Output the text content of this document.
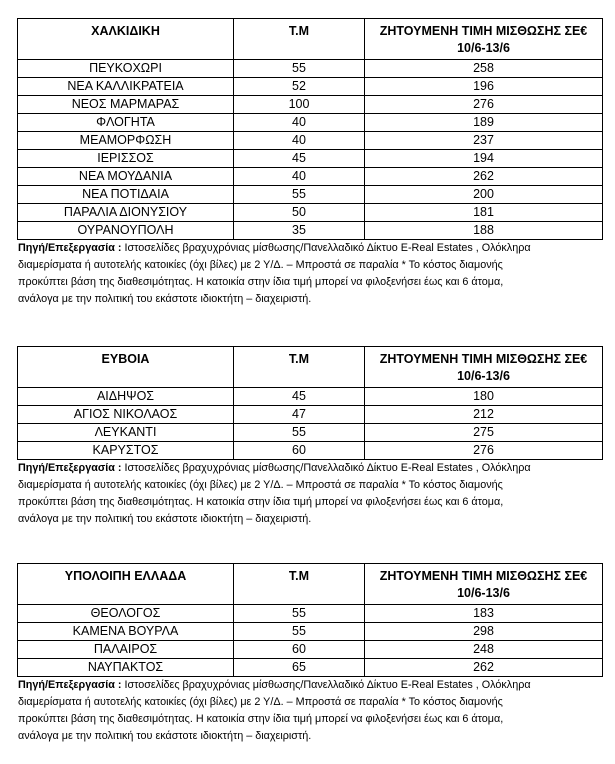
ΧΑΛΚΙΔΙΚΗ	Τ.Μ	ΖΗΤΟΥΜΕΝΗ ΤΙΜΗ ΜΙΣΘΩΣΗΣ ΣΕ€
10/6-13/6
ΠΕΥΚΟΧΩΡΙ	55	258
ΝΕΑ ΚΑΛΛΙΚΡΑΤΕΙΑ	52	196
ΝΕΟΣ ΜΑΡΜΑΡΑΣ	100	276
ΦΛΟΓΗΤΑ	40	189
ΜΕΑΜΟΡΦΩΣΗ	40	237
ΙΕΡΙΣΣΟΣ	45	194
ΝΕΑ ΜΟΥΔΑΝΙΑ	40	262
ΝΕΑ ΠΟΤΙΔΑΙΑ	55	200
ΠΑΡΑΛΙΑ ΔΙΟΝΥΣΙΟΥ	50	181
ΟΥΡΑΝΟΥΠΟΛΗ	35	188
Πηγή/Επεξεργασία : Ιστοσελίδες βραχυχρόνιας μίσθωσης/Πανελλαδικό Δίκτυο E-Real Estates , Ολόκληρα
διαμερίσματα ή αυτοτελής κατοικίες (όχι βίλες) με 2 Υ/Δ. – Μπροστά σε παραλία * Το κόστος διαμονής
προκύπτει βάση της διαθεσιμότητας. Η κατοικία στην ίδια τιμή μπορεί να φιλοξενήσει έως και 6 άτομα,
ανάλογα με την πολιτική του εκάστοτε ιδιοκτήτη – διαχειριστή.
ΕΥΒΟΙΑ	Τ.Μ	ΖΗΤΟΥΜΕΝΗ ΤΙΜΗ ΜΙΣΘΩΣΗΣ ΣΕ€
10/6-13/6
ΑΙΔΗΨΟΣ	45	180
ΑΓΙΟΣ ΝΙΚΟΛΑΟΣ	47	212
ΛΕΥΚΑΝΤΙ	55	275
ΚΑΡΥΣΤΟΣ	60	276
Πηγή/Επεξεργασία : Ιστοσελίδες βραχυχρόνιας μίσθωσης/Πανελλαδικό Δίκτυο E-Real Estates , Ολόκληρα
διαμερίσματα ή αυτοτελής κατοικίες (όχι βίλες) με 2 Υ/Δ. – Μπροστά σε παραλία * Το κόστος διαμονής
προκύπτει βάση της διαθεσιμότητας. Η κατοικία στην ίδια τιμή μπορεί να φιλοξενήσει έως και 6 άτομα,
ανάλογα με την πολιτική του εκάστοτε ιδιοκτήτη – διαχειριστή.
ΥΠΟΛΟΙΠΗ ΕΛΛΑΔΑ	Τ.Μ	ΖΗΤΟΥΜΕΝΗ ΤΙΜΗ ΜΙΣΘΩΣΗΣ ΣΕ€
10/6-13/6
ΘΕΟΛΟΓΟΣ	55	183
ΚΑΜΕΝΑ ΒΟΥΡΛΑ	55	298
ΠΑΛΑΙΡΟΣ	60	248
ΝΑΥΠΑΚΤΟΣ	65	262
Πηγή/Επεξεργασία : Ιστοσελίδες βραχυχρόνιας μίσθωσης/Πανελλαδικό Δίκτυο E-Real Estates , Ολόκληρα
διαμερίσματα ή αυτοτελής κατοικίες (όχι βίλες) με 2 Υ/Δ. – Μπροστά σε παραλία * Το κόστος διαμονής
προκύπτει βάση της διαθεσιμότητας. Η κατοικία στην ίδια τιμή μπορεί να φιλοξενήσει έως και 6 άτομα,
ανάλογα με την πολιτική του εκάστοτε ιδιοκτήτη – διαχειριστή.
